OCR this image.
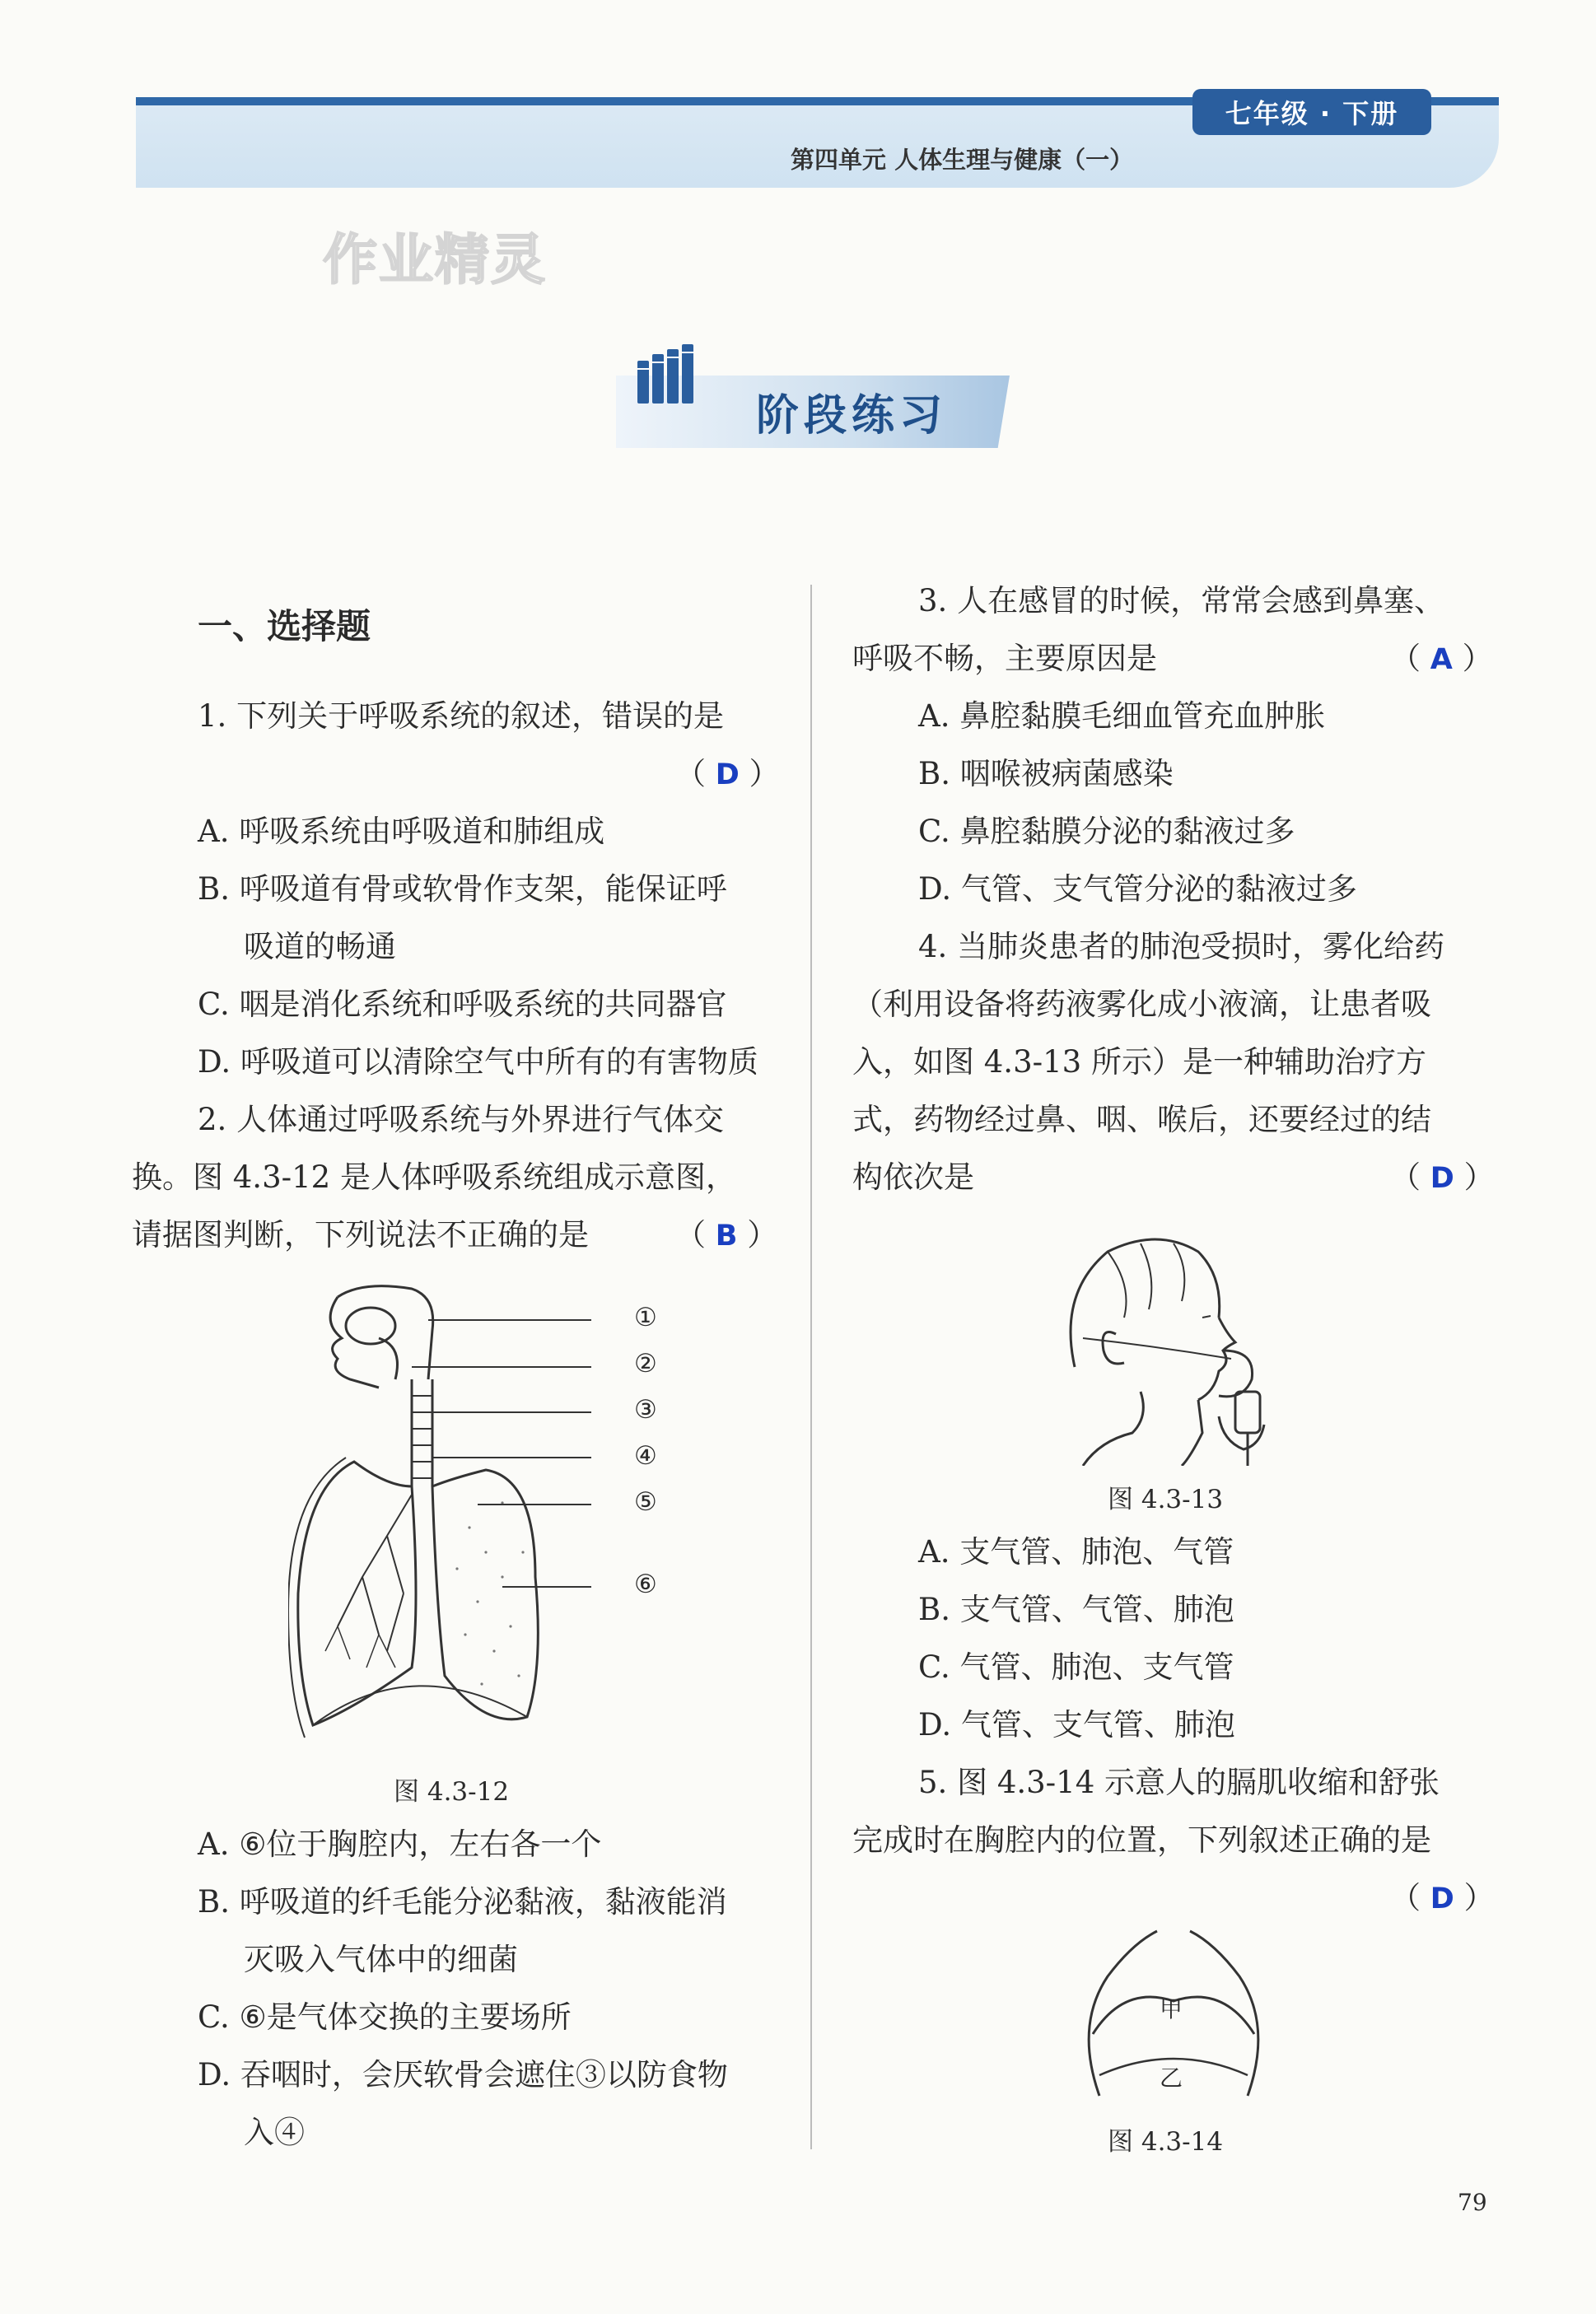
七年级 · 下册
第四单元 人体生理与健康（一）
作业精灵
阶段练习
一、选择题
1. 下列关于呼吸系统的叙述，错误的是
（ D ）
A. 呼吸系统由呼吸道和肺组成
B. 呼吸道有骨或软骨作支架，能保证呼
吸道的畅通
C. 咽是消化系统和呼吸系统的共同器官
D. 呼吸道可以清除空气中所有的有害物质
2. 人体通过呼吸系统与外界进行气体交
换。图 4.3-12 是人体呼吸系统组成示意图，
请据图判断，下列说法不正确的是	（ B ）
①
②
③
④
⑤
⑥
图 4.3-12
A. ⑥位于胸腔内，左右各一个
B. 呼吸道的纤毛能分泌黏液，黏液能消
灭吸入气体中的细菌
C. ⑥是气体交换的主要场所
D. 吞咽时，会厌软骨会遮住③以防食物
入④
3. 人在感冒的时候，常常会感到鼻塞、
呼吸不畅，主要原因是	（ A ）
A. 鼻腔黏膜毛细血管充血肿胀
B. 咽喉被病菌感染
C. 鼻腔黏膜分泌的黏液过多
D. 气管、支气管分泌的黏液过多
4. 当肺炎患者的肺泡受损时，雾化给药
（利用设备将药液雾化成小液滴，让患者吸
入，如图 4.3-13 所示）是一种辅助治疗方
式，药物经过鼻、咽、喉后，还要经过的结
构依次是	（ D ）
图 4.3-13
A. 支气管、肺泡、气管
B. 支气管、气管、肺泡
C. 气管、肺泡、支气管
D. 气管、支气管、肺泡
5. 图 4.3-14 示意人的膈肌收缩和舒张
完成时在胸腔内的位置，下列叙述正确的是
（ D ）
甲
乙
图 4.3-14
79
